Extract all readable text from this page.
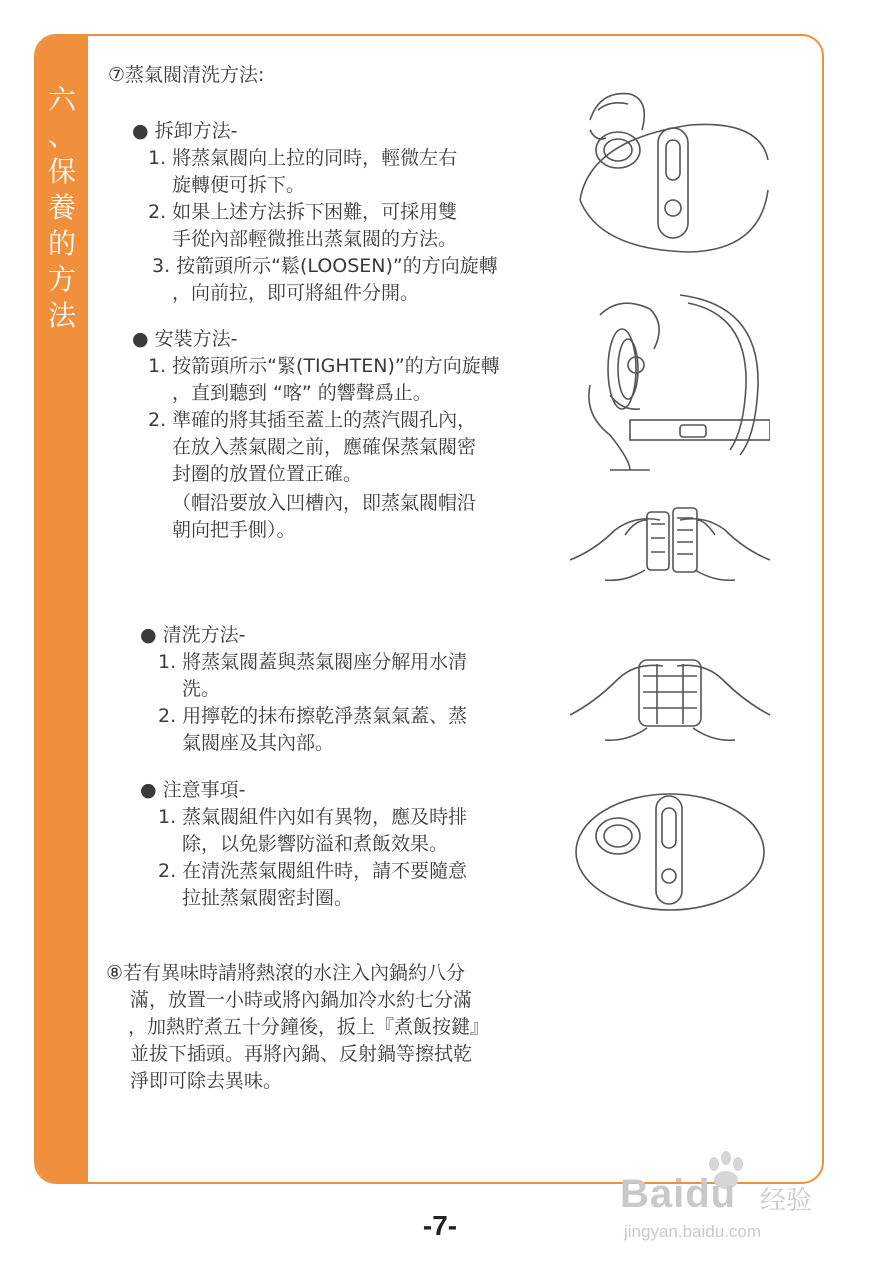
六
、
保
養
的
方
法
⑦蒸氣閥清洗方法:
● 拆卸方法-
1. 將蒸氣閥向上拉的同時，輕微左右
旋轉便可拆下。
2. 如果上述方法拆下困難，可採用雙
手從內部輕微推出蒸氣閥的方法。
3. 按箭頭所示“鬆(LOOSEN)”的方向旋轉
，向前拉，即可將組件分開。
● 安裝方法-
1. 按箭頭所示“緊(TIGHTEN)”的方向旋轉
，直到聽到 “喀” 的響聲爲止。
2. 準確的將其插至蓋上的蒸汽閥孔內，
在放入蒸氣閥之前，應確保蒸氣閥密
封圈的放置位置正確。
（帽沿要放入凹槽內，即蒸氣閥帽沿
朝向把手側）。
● 清洗方法-
1. 將蒸氣閥蓋與蒸氣閥座分解用水清
洗。
2. 用擰乾的抹布擦乾淨蒸氣氣蓋、蒸
氣閥座及其內部。
● 注意事項-
1. 蒸氣閥組件內如有異物，應及時排
除，以免影響防溢和煮飯效果。
2. 在清洗蒸氣閥組件時，請不要隨意
拉扯蒸氣閥密封圈。
⑧若有異味時請將熱滾的水注入內鍋約八分
滿，放置一小時或將內鍋加冷水約七分滿
，加熱貯煮五十分鐘後，扳上『煮飯按鍵』
並拔下插頭。再將內鍋、反射鍋等擦拭乾
淨即可除去異味。
-7-
Baidu 经验
jingyan.baidu.com
